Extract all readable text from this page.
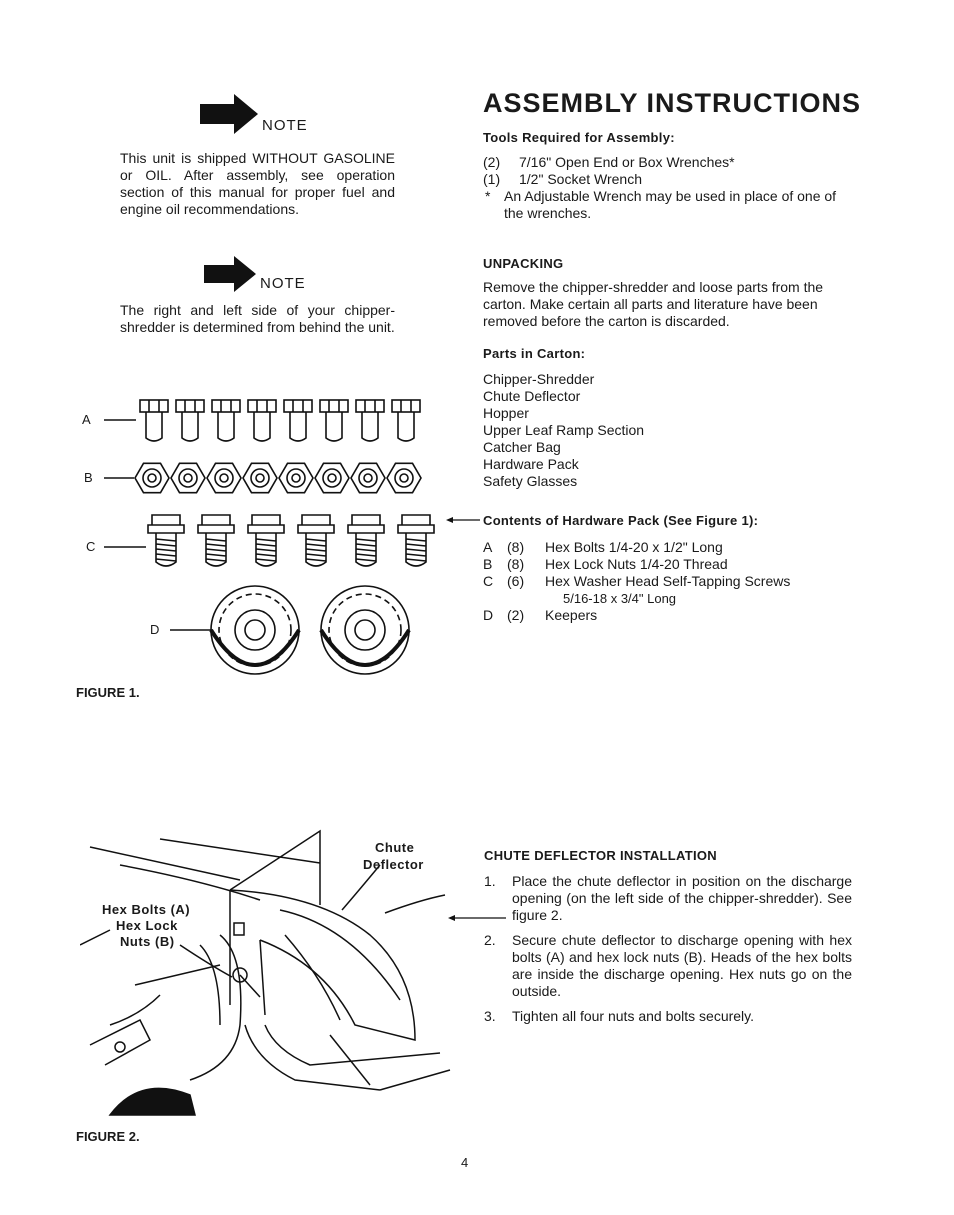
NOTE
This unit is shipped WITHOUT GASOLINE or OIL. After assembly, see operation section of this manual for proper fuel and engine oil recommendations.
NOTE
The right and left side of your chipper-shredder is determined from behind the unit.
A
B
C
D
FIGURE 1.
ASSEMBLY INSTRUCTIONS
Tools Required for Assembly:
(2)	7/16" Open End or Box Wrenches*
(1)	1/2" Socket Wrench
* An Adjustable Wrench may be used in place of one of the wrenches.
UNPACKING
Remove the chipper-shredder and loose parts from the carton. Make certain all parts and literature have been removed before the carton is discarded.
Parts in Carton:
Chipper-Shredder
Chute Deflector
Hopper
Upper Leaf Ramp Section
Catcher Bag
Hardware Pack
Safety Glasses
Contents of Hardware Pack (See Figure 1):
A	(8)	Hex Bolts 1/4-20 x 1/2" Long
B	(8)	Hex Lock Nuts 1/4-20 Thread
C (6)	Hex Washer Head Self-Tapping Screws
5/16-18 x 3/4" Long
D (2)	Keepers
Chute
Deflector
Hex Bolts (A)
Hex Lock
Nuts (B)
FIGURE 2.
CHUTE DEFLECTOR INSTALLATION
1.	Place the chute deflector in position on the discharge opening (on the left side of the chipper-shredder). See figure 2.
2.	Secure chute deflector to discharge opening with hex bolts (A) and hex lock nuts (B). Heads of the hex bolts are inside the discharge opening. Hex nuts go on the outside.
3.	Tighten all four nuts and bolts securely.
4
